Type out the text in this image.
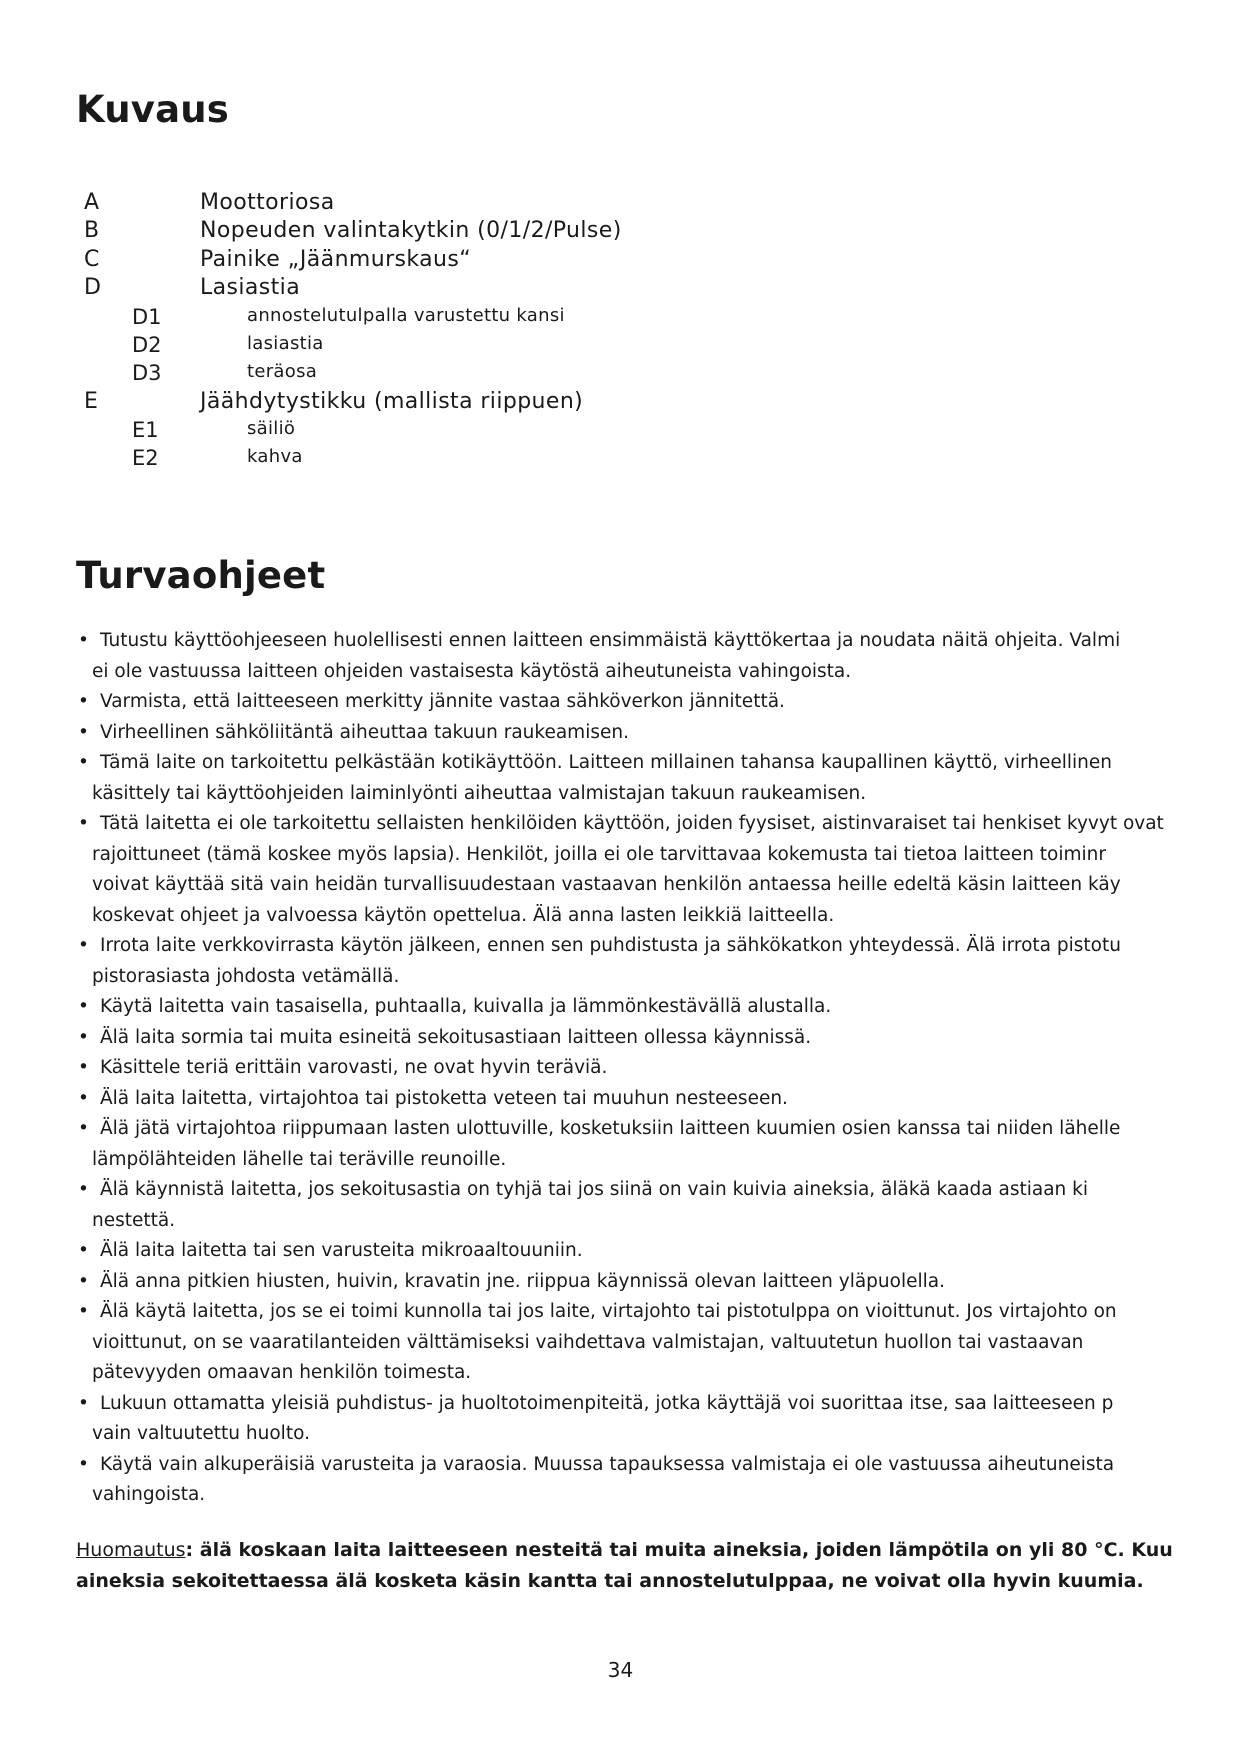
Kuvaus
A	Moottoriosa
B	Nopeuden valintakytkin (0/1/2/Pulse)
C	Painike „Jäänmurskaus“
D	Lasiastia
D1	annostelutulpalla varustettu kansi
D2	lasiastia
D3	teräosa
E	Jäähdytystikku (mallista riippuen)
E1	säiliö
E2	kahva
Turvaohjeet
• Tutustu käyttöohjeeseen huolellisesti ennen laitteen ensimmäistä käyttökertaa ja noudata näitä ohjeita. Valmi
ei ole vastuussa laitteen ohjeiden vastaisesta käytöstä aiheutuneista vahingoista.
• Varmista, että laitteeseen merkitty jännite vastaa sähköverkon jännitettä.
• Virheellinen sähköliitäntä aiheuttaa takuun raukeamisen.
• Tämä laite on tarkoitettu pelkästään kotikäyttöön. Laitteen millainen tahansa kaupallinen käyttö, virheellinen
käsittely tai käyttöohjeiden laiminlyönti aiheuttaa valmistajan takuun raukeamisen.
• Tätä laitetta ei ole tarkoitettu sellaisten henkilöiden käyttöön, joiden fyysiset, aistinvaraiset tai henkiset kyvyt ovat
rajoittuneet (tämä koskee myös lapsia). Henkilöt, joilla ei ole tarvittavaa kokemusta tai tietoa laitteen toiminr
voivat käyttää sitä vain heidän turvallisuudestaan vastaavan henkilön antaessa heille edeltä käsin laitteen käy
koskevat ohjeet ja valvoessa käytön opettelua. Älä anna lasten leikkiä laitteella.
• Irrota laite verkkovirrasta käytön jälkeen, ennen sen puhdistusta ja sähkökatkon yhteydessä. Älä irrota pistotu
pistorasiasta johdosta vetämällä.
• Käytä laitetta vain tasaisella, puhtaalla, kuivalla ja lämmönkestävällä alustalla.
• Älä laita sormia tai muita esineitä sekoitusastiaan laitteen ollessa käynnissä.
• Käsittele teriä erittäin varovasti, ne ovat hyvin teräviä.
• Älä laita laitetta, virtajohtoa tai pistoketta veteen tai muuhun nesteeseen.
• Älä jätä virtajohtoa riippumaan lasten ulottuville, kosketuksiin laitteen kuumien osien kanssa tai niiden lähelle
lämpölähteiden lähelle tai teräville reunoille.
• Älä käynnistä laitetta, jos sekoitusastia on tyhjä tai jos siinä on vain kuivia aineksia, äläkä kaada astiaan ki
nestettä.
• Älä laita laitetta tai sen varusteita mikroaaltouuniin.
• Älä anna pitkien hiusten, huivin, kravatin jne. riippua käynnissä olevan laitteen yläpuolella.
• Älä käytä laitetta, jos se ei toimi kunnolla tai jos laite, virtajohto tai pistotulppa on vioittunut. Jos virtajohto on
vioittunut, on se vaaratilanteiden välttämiseksi vaihdettava valmistajan, valtuutetun huollon tai vastaavan
pätevyyden omaavan henkilön toimesta.
• Lukuun ottamatta yleisiä puhdistus- ja huoltotoimenpiteitä, jotka käyttäjä voi suorittaa itse, saa laitteeseen p
vain valtuutettu huolto.
• Käytä vain alkuperäisiä varusteita ja varaosia. Muussa tapauksessa valmistaja ei ole vastuussa aiheutuneista
vahingoista.
Huomautus: älä koskaan laita laitteeseen nesteitä tai muita aineksia, joiden lämpötila on yli 80 °C. Kuu
aineksia sekoitettaessa älä kosketa käsin kantta tai annostelutulppaa, ne voivat olla hyvin kuumia.
34
